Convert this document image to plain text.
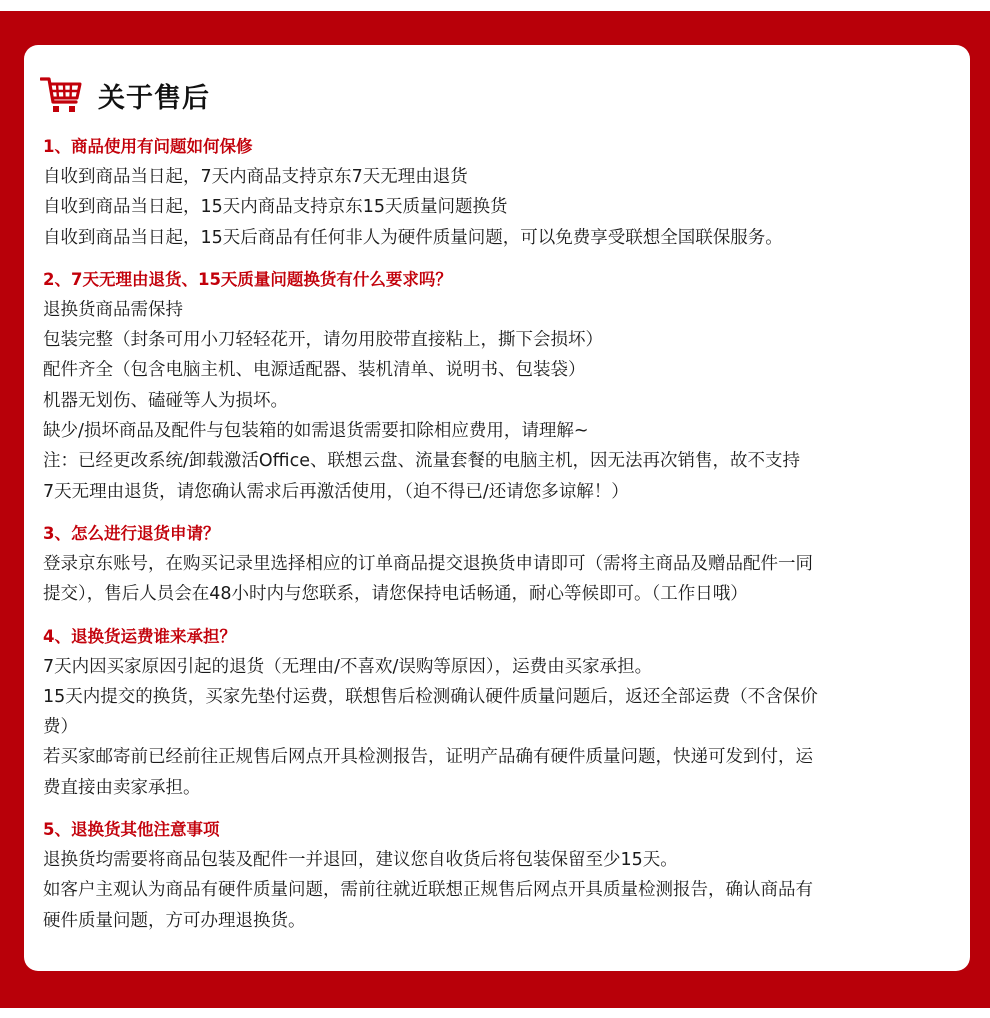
关于售后
1、商品使用有问题如何保修
自收到商品当日起，7天内商品支持京东7天无理由退货
自收到商品当日起，15天内商品支持京东15天质量问题换货
自收到商品当日起，15天后商品有任何非人为硬件质量问题，可以免费享受联想全国联保服务。
2、7天无理由退货、15天质量问题换货有什么要求吗？
退换货商品需保持
包装完整（封条可用小刀轻轻花开，请勿用胶带直接粘上，撕下会损坏）
配件齐全（包含电脑主机、电源适配器、装机清单、说明书、包装袋）
机器无划伤、磕碰等人为损坏。
缺少/损坏商品及配件与包装箱的如需退货需要扣除相应费用，请理解~
注：已经更改系统/卸载激活Office、联想云盘、流量套餐的电脑主机，因无法再次销售，故不支持
7天无理由退货，请您确认需求后再激活使用，（迫不得已/还请您多谅解！）
3、怎么进行退货申请？
登录京东账号，在购买记录里选择相应的订单商品提交退换货申请即可（需将主商品及赠品配件一同
提交），售后人员会在48小时内与您联系，请您保持电话畅通，耐心等候即可。（工作日哦）
4、退换货运费谁来承担？
7天内因买家原因引起的退货（无理由/不喜欢/误购等原因），运费由买家承担。
15天内提交的换货，买家先垫付运费，联想售后检测确认硬件质量问题后，返还全部运费（不含保价
费）
若买家邮寄前已经前往正规售后网点开具检测报告，证明产品确有硬件质量问题，快递可发到付，运
费直接由卖家承担。
5、退换货其他注意事项
退换货均需要将商品包装及配件一并退回，建议您自收货后将包装保留至少15天。
如客户主观认为商品有硬件质量问题，需前往就近联想正规售后网点开具质量检测报告，确认商品有
硬件质量问题，方可办理退换货。
